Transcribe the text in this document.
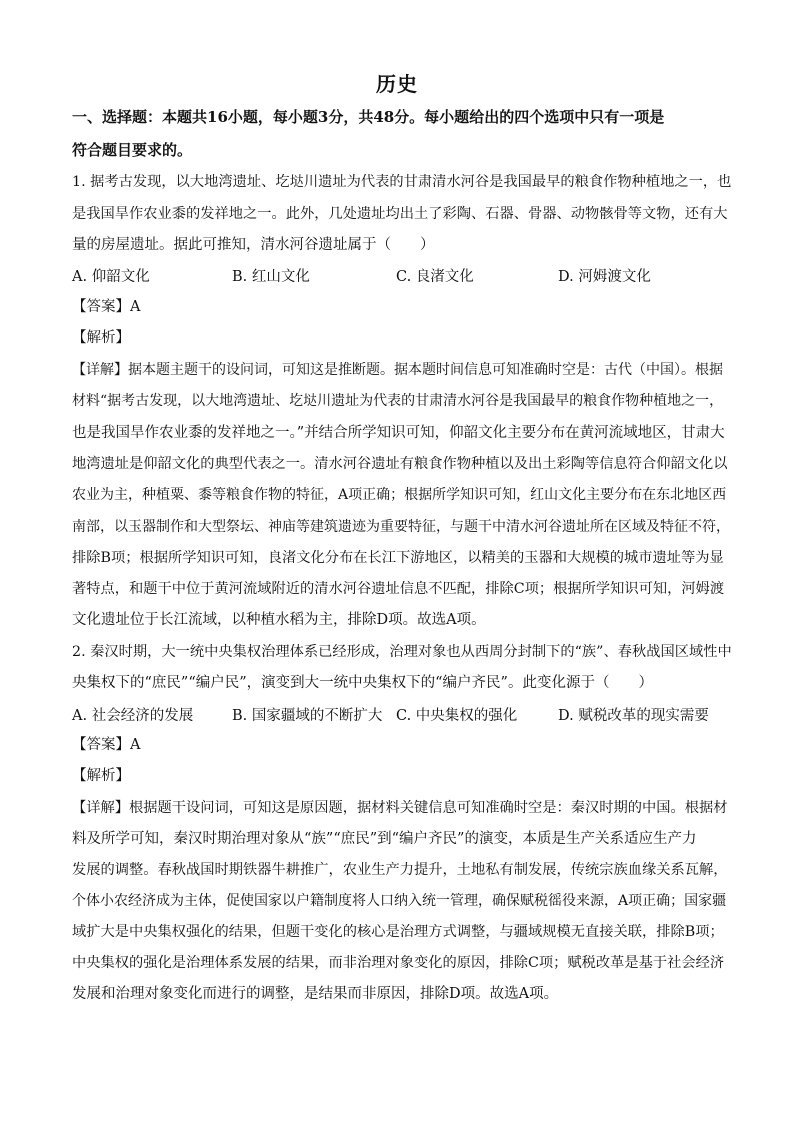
历史
一、选择题：本题共16小题，每小题3分，共48分。每小题给出的四个选项中只有一项是
符合题目要求的。
1. 据考古发现，以大地湾遗址、圪垯川遗址为代表的甘肃清水河谷是我国最早的粮食作物种植地之一，也
是我国旱作农业黍的发祥地之一。此外，几处遗址均出土了彩陶、石器、骨器、动物骸骨等文物，还有大
量的房屋遗址。据此可推知，清水河谷遗址属于（　　）
A. 仰韶文化	B. 红山文化	C. 良渚文化	D. 河姆渡文化
【答案】A
【解析】
【详解】据本题主题干的设问词，可知这是推断题。据本题时间信息可知准确时空是：古代（中国）。根据
材料“据考古发现，以大地湾遗址、圪垯川遗址为代表的甘肃清水河谷是我国最早的粮食作物种植地之一，
也是我国旱作农业黍的发祥地之一。”并结合所学知识可知，仰韶文化主要分布在黄河流域地区，甘肃大
地湾遗址是仰韶文化的典型代表之一。清水河谷遗址有粮食作物种植以及出土彩陶等信息符合仰韶文化以
农业为主，种植粟、黍等粮食作物的特征，A项正确；根据所学知识可知，红山文化主要分布在东北地区西
南部，以玉器制作和大型祭坛、神庙等建筑遗迹为重要特征，与题干中清水河谷遗址所在区域及特征不符，
排除B项；根据所学知识可知，良渚文化分布在长江下游地区，以精美的玉器和大规模的城市遗址等为显
著特点，和题干中位于黄河流域附近的清水河谷遗址信息不匹配，排除C项；根据所学知识可知，河姆渡
文化遗址位于长江流域，以种植水稻为主，排除D项。故选A项。
2. 秦汉时期，大一统中央集权治理体系已经形成，治理对象也从西周分封制下的“族”、春秋战国区域性中
央集权下的“庶民”“编户民”，演变到大一统中央集权下的“编户齐民”。此变化源于（　　）
A. 社会经济的发展	B. 国家疆域的不断扩大 C. 中央集权的强化	D. 赋税改革的现实需要
【答案】A
【解析】
【详解】根据题干设问词，可知这是原因题，据材料关键信息可知准确时空是：秦汉时期的中国。根据材
料及所学可知，秦汉时期治理对象从“族”“庶民”到“编户齐民”的演变，本质是生产关系适应生产力
发展的调整。春秋战国时期铁器牛耕推广，农业生产力提升，土地私有制发展，传统宗族血缘关系瓦解，
个体小农经济成为主体，促使国家以户籍制度将人口纳入统一管理，确保赋税徭役来源，A项正确；国家疆
域扩大是中央集权强化的结果，但题干变化的核心是治理方式调整，与疆域规模无直接关联，排除B项；
中央集权的强化是治理体系发展的结果，而非治理对象变化的原因，排除C项；赋税改革是基于社会经济
发展和治理对象变化而进行的调整，是结果而非原因，排除D项。故选A项。
